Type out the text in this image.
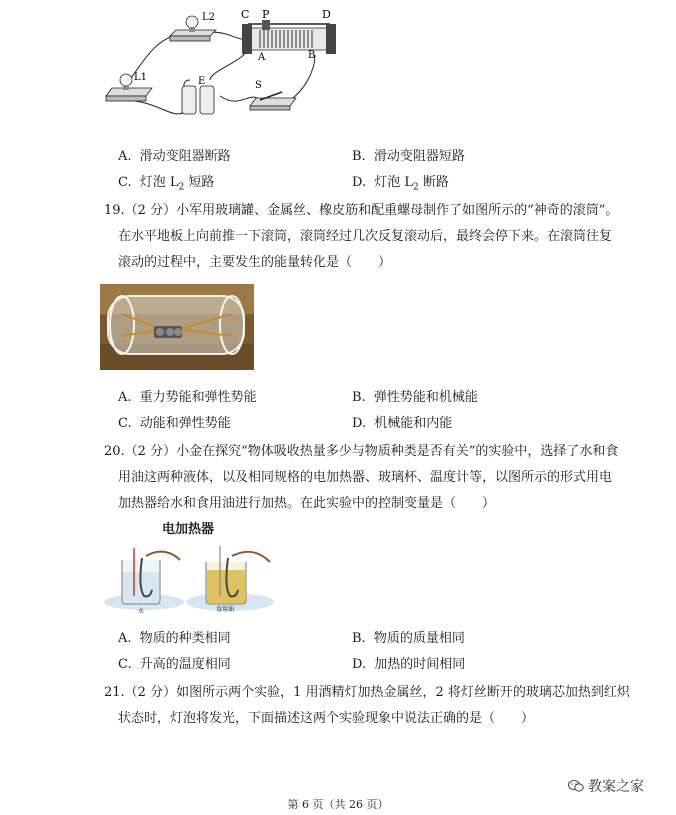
L2 C P	D
A	B
L1	E	S
A. 滑动变阻器断路	B. 滑动变阻器短路
C. 灯泡 $L_2$ 短路	D. 灯泡 $L_2$ 断路
19.（2 分）小军用玻璃罐、金属丝、橡皮筋和配重螺母制作了如图所示的“神奇的滚筒”。
在水平地板上向前推一下滚筒，滚筒经过几次反复滚动后，最终会停下来。在滚筒往复
滚动的过程中，主要发生的能量转化是（　　）
A. 重力势能和弹性势能	B. 弹性势能和机械能
C. 动能和弹性势能	D. 机械能和内能
20.（2 分）小金在探究“物体吸收热量多少与物质种类是否有关”的实验中，选择了水和食
用油这两种液体，以及相同规格的电加热器、玻璃杯、温度计等，以图所示的形式用电
加热器给水和食用油进行加热。在此实验中的控制变量是（　　）
电加热器
水	食用油
A. 物质的种类相同	B. 物质的质量相同
C. 升高的温度相同	D. 加热的时间相同
21.（2 分）如图所示两个实验，1 用酒精灯加热金属丝，2 将灯丝断开的玻璃芯加热到红炽
状态时，灯泡将发光，下面描述这两个实验现象中说法正确的是（　　）
教案之家
第 6 页（共 26 页）
